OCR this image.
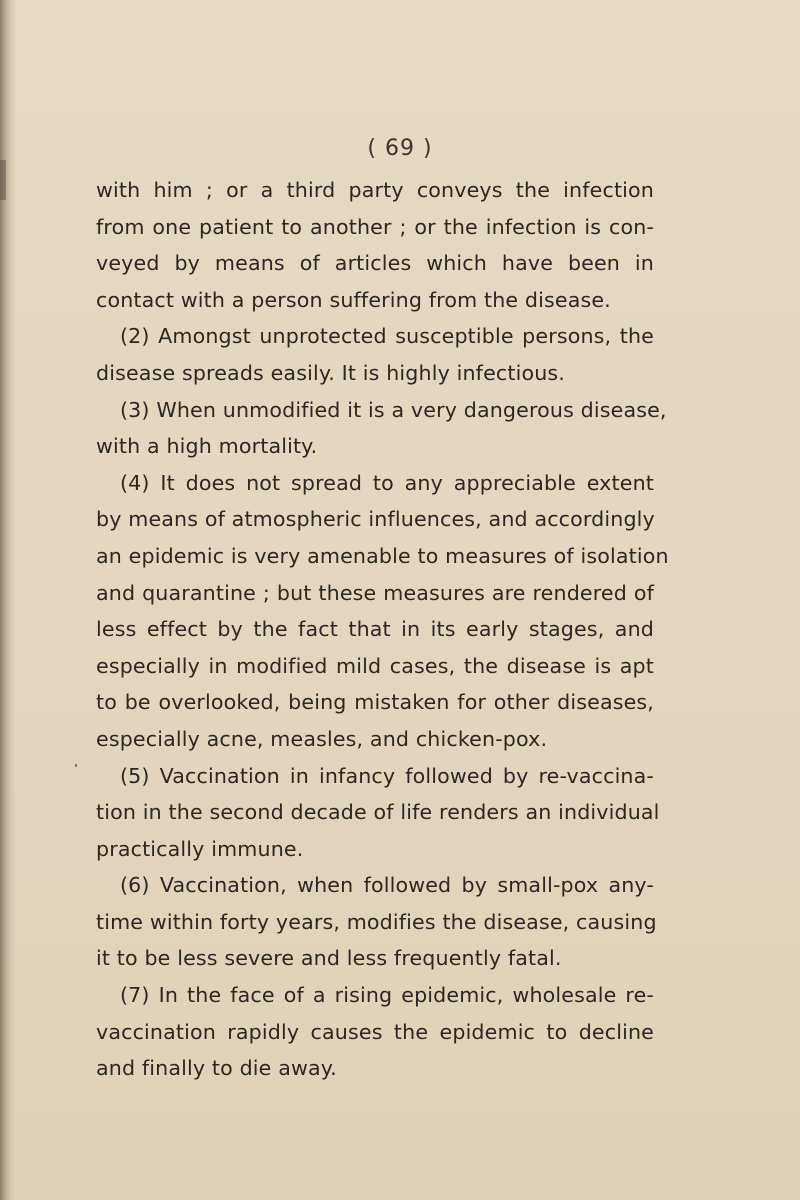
( 69 )
with him ; or a third party conveys the infection
from one patient to another ; or the infection is con-
veyed by means of articles which have been in
contact with a person suffering from the disease.
(2) Amongst unprotected susceptible persons, the
disease spreads easily. It is highly infectious.
(3) When unmodified it is a very dangerous disease,
with a high mortality.
(4) It does not spread to any appreciable extent
by means of atmospheric influences, and accordingly
an epidemic is very amenable to measures of isolation
and quarantine ; but these measures are rendered of
less effect by the fact that in its early stages, and
especially in modified mild cases, the disease is apt
to be overlooked, being mistaken for other diseases,
especially acne, measles, and chicken-pox.
(5) Vaccination in infancy followed by re-vaccina-
tion in the second decade of life renders an individual
practically immune.
(6) Vaccination, when followed by small-pox any-
time within forty years, modifies the disease, causing
it to be less severe and less frequently fatal.
(7) In the face of a rising epidemic, wholesale re-
vaccination rapidly causes the epidemic to decline
and finally to die away.
